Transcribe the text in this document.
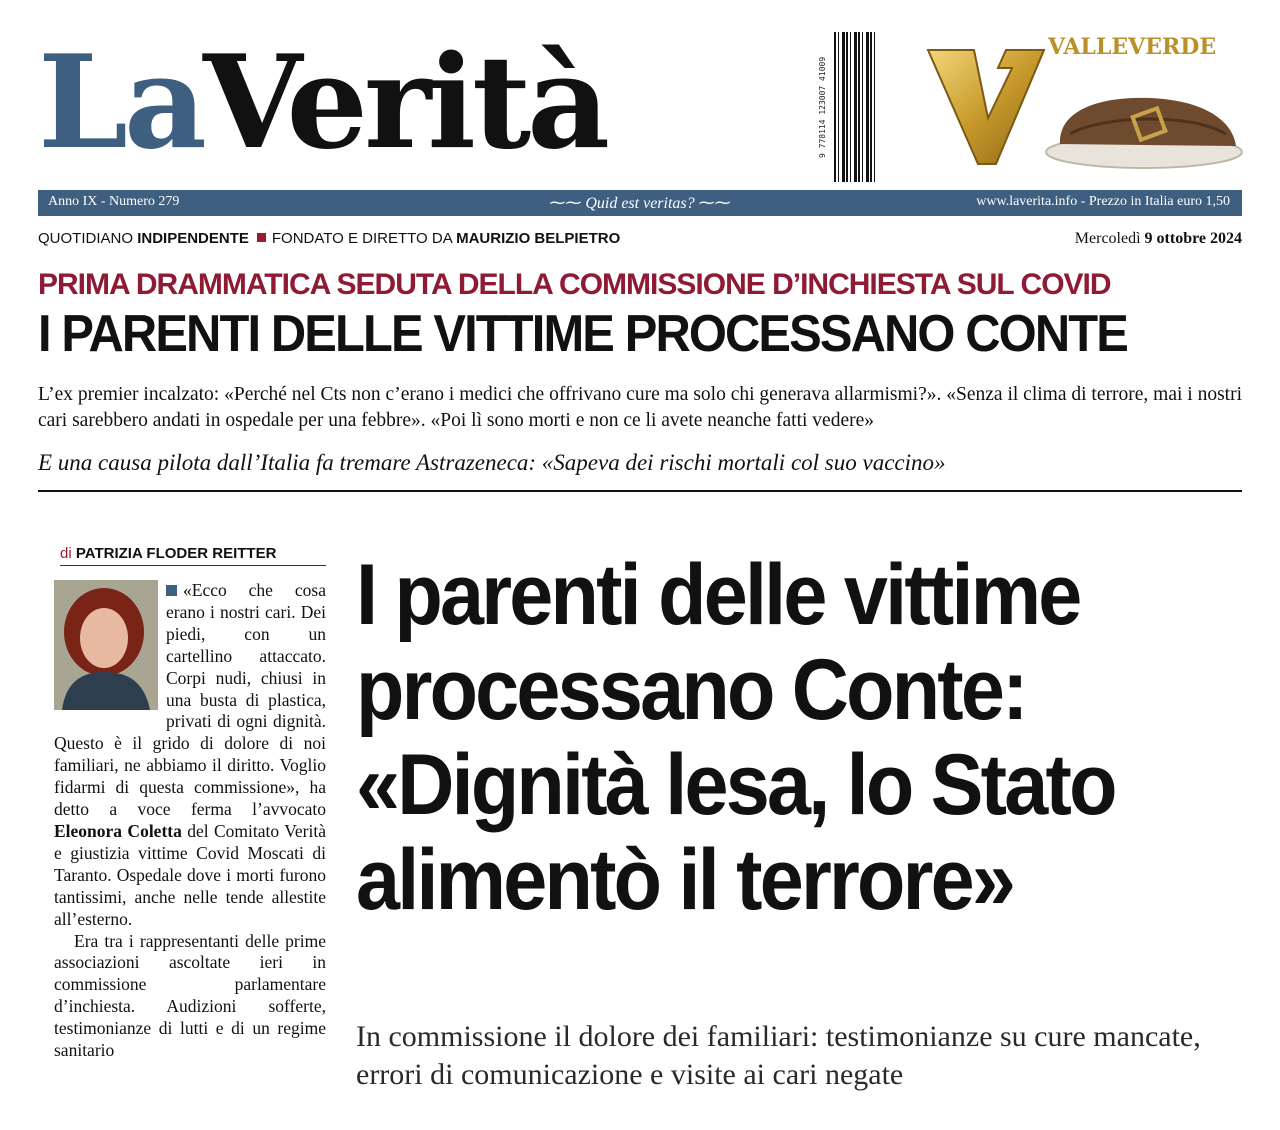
LaVerità	9 778114 123007 41009
VALLEVERDE
Anno IX - Numero 279	⁓⁓ Quid est veritas? ⁓⁓	www.laverita.info - Prezzo in Italia euro 1,50
QUOTIDIANO INDIPENDENTE FONDATO E DIRETTO DA MAURIZIO BELPIETRO	Mercoledì 9 ottobre 2024
PRIMA DRAMMATICA SEDUTA DELLA COMMISSIONE D’INCHIESTA SUL COVID
I PARENTI DELLE VITTIME PROCESSANO CONTE
L’ex premier incalzato: «Perché nel Cts non c’erano i medici che offrivano cure ma solo chi generava allarmismi?». «Senza il clima di terrore, mai i nostri cari sarebbero andati in ospedale per una febbre». «Poi lì sono morti e non ce li avete neanche fatti vedere»
E una causa pilota dall’Italia fa tremare Astrazeneca: «Sapeva dei rischi mortali col suo vaccino»
di PATRIZIA FLODER REITTER

«Ecco che cosa erano i nostri cari. Dei piedi, con un cartellino attaccato. Corpi nudi, chiusi in una busta di plastica, privati di ogni dignità. Questo è il grido di dolore di noi familiari, ne abbiamo il diritto. Voglio fidarmi di questa commissione», ha detto a voce ferma l’avvocato Eleonora Coletta del Comitato Verità e giustizia vittime Covid Moscati di Taranto. Ospedale dove i morti furono tantissimi, anche nelle tende allestite all’esterno.

Era tra i rappresentanti delle prime associazioni ascoltate ieri in commissione parlamentare d’inchiesta. Audizioni sofferte, testimonianze di lutti e di un regime sanitario

I parenti delle vittime
processano Conte:
«Dignità lesa, lo Stato
alimentò il terrore»
In commissione il dolore dei familiari: testimonianze su cure mancate, errori di comunicazione e visite ai cari negate
